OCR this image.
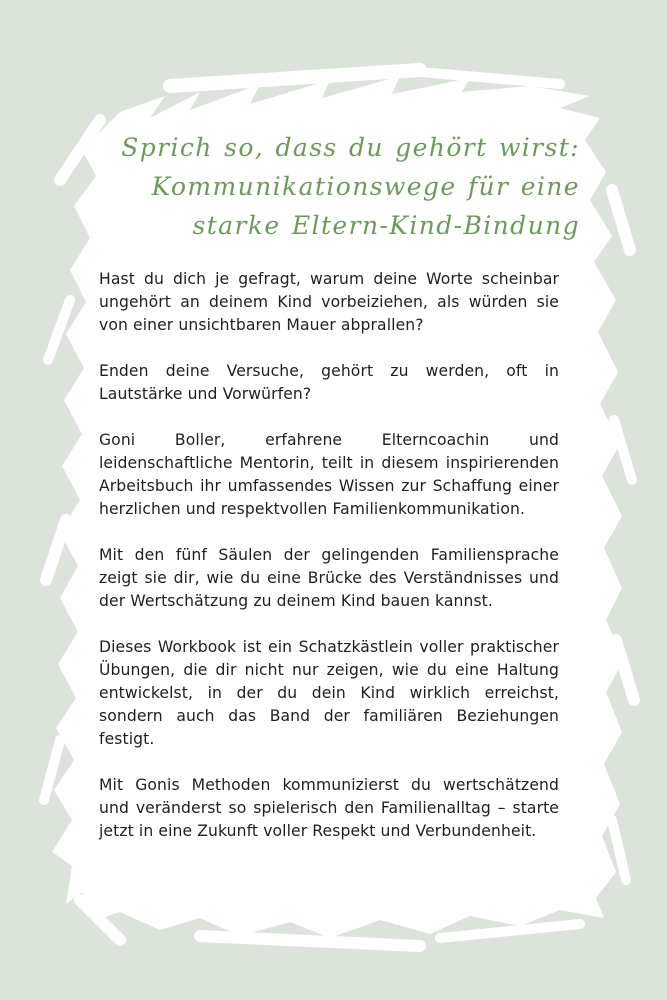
Sprich so, dass du gehört wirst:
Kommunikationswege für eine
starke Eltern-Kind-Bindung

Hast du dich je gefragt, warum deine Worte scheinbar ungehört an deinem Kind vorbeiziehen, als würden sie von einer unsichtbaren Mauer abprallen?

Enden deine Versuche, gehört zu werden, oft in Lautstärke und Vorwürfen?

Goni Boller, erfahrene Elterncoachin und leidenschaftliche Mentorin, teilt in diesem inspirierenden Arbeitsbuch ihr umfassendes Wissen zur Schaffung einer herzlichen und respektvollen Familienkommunikation.

Mit den fünf Säulen der gelingenden Familiensprache zeigt sie dir, wie du eine Brücke des Verständnisses und der Wertschätzung zu deinem Kind bauen kannst.

Dieses Workbook ist ein Schatzkästlein voller praktischer Übungen, die dir nicht nur zeigen, wie du eine Haltung entwickelst, in der du dein Kind wirklich erreichst, sondern auch das Band der familiären Beziehungen festigt.

Mit Gonis Methoden kommunizierst du wertschätzend und veränderst so spielerisch den Familienalltag – starte jetzt in eine Zukunft voller Respekt und Verbundenheit.
